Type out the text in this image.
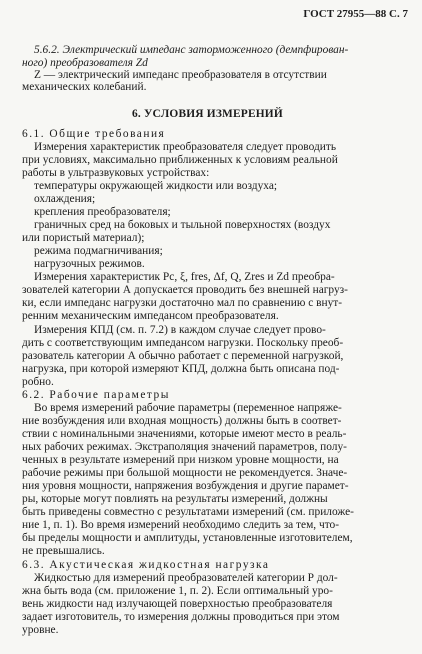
ГОСТ 27955—88 С. 7
5.6.2. Электрический импеданс заторможенного (демпфирован-
ного) преобразователя Zd
Z — электрический импеданс преобразователя в отсутствии
механических колебаний.
6. УСЛОВИЯ ИЗМЕРЕНИЙ
6.1. Общие требования
Измерения характеристик преобразователя следует проводить
при условиях, максимально приближенных к условиям реальной
работы в ультразвуковых устройствах:
температуры окружающей жидкости или воздуха;
охлаждения;
крепления преобразователя;
граничных сред на боковых и тыльной поверхностях (воздух
или пористый материал);
режима подмагничивания;
нагрузочных режимов.
Измерения характеристик Pc, ξ, fres, Δf, Q, Zres и Zd преобра-
зователей категории А допускается проводить без внешней нагруз-
ки, если импеданс нагрузки достаточно мал по сравнению с внут-
ренним механическим импедансом преобразователя.
Измерения КПД (см. п. 7.2) в каждом случае следует прово-
дить с соответствующим импедансом нагрузки. Поскольку преоб-
разователь категории А обычно работает с переменной нагрузкой,
нагрузка, при которой измеряют КПД, должна быть описана под-
робно.
6.2. Рабочие параметры
Во время измерений рабочие параметры (переменное напряже-
ние возбуждения или входная мощность) должны быть в соответ-
ствии с номинальными значениями, которые имеют место в реаль-
ных рабочих режимах. Экстраполяция значений параметров, полу-
ченных в результате измерений при низком уровне мощности, на
рабочие режимы при большой мощности не рекомендуется. Значе-
ния уровня мощности, напряжения возбуждения и другие парамет-
ры, которые могут повлиять на результаты измерений, должны
быть приведены совместно с результатами измерений (см. приложе-
ние 1, п. 1). Во время измерений необходимо следить за тем, что-
бы пределы мощности и амплитуды, установленные изготовителем,
не превышались.
6.3. Акустическая жидкостная нагрузка
Жидкостью для измерений преобразователей категории Р дол-
жна быть вода (см. приложение 1, п. 2). Если оптимальный уро-
вень жидкости над излучающей поверхностью преобразователя
задает изготовитель, то измерения должны проводиться при этом
уровне.
